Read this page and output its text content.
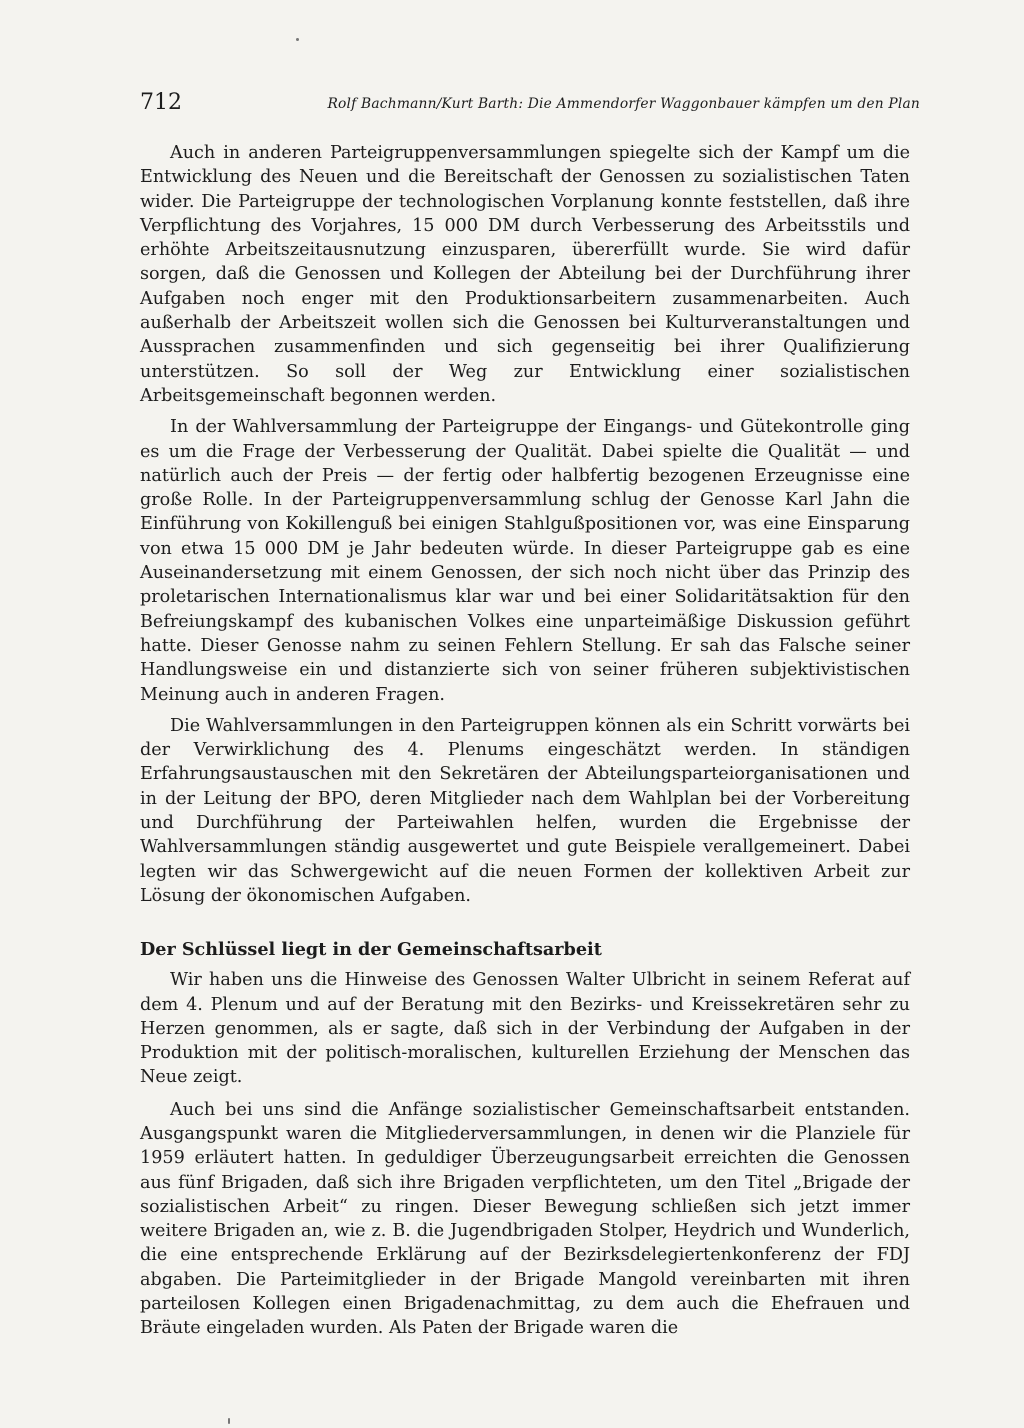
712	Rolf Bachmann/Kurt Barth: Die Ammendorfer Waggonbauer kämpfen um den Plan

Auch in anderen Parteigruppenversammlungen spiegelte sich der Kampf um die Entwicklung des Neuen und die Bereitschaft der Genossen zu sozialistischen Taten wider. Die Parteigruppe der technologischen Vorplanung konnte feststellen, daß ihre Verpflichtung des Vorjahres, 15 000 DM durch Verbesserung des Arbeitsstils und erhöhte Arbeitszeitausnutzung einzusparen, übererfüllt wurde. Sie wird dafür sorgen, daß die Genossen und Kollegen der Abteilung bei der Durchführung ihrer Aufgaben noch enger mit den Produktionsarbeitern zusammenarbeiten. Auch außerhalb der Arbeitszeit wollen sich die Genossen bei Kulturveranstaltungen und Aussprachen zusammenfinden und sich gegenseitig bei ihrer Qualifizierung unterstützen. So soll der Weg zur Entwicklung einer sozialistischen Arbeitsgemeinschaft begonnen werden.

In der Wahlversammlung der Parteigruppe der Eingangs- und Gütekontrolle ging es um die Frage der Verbesserung der Qualität. Dabei spielte die Qualität — und natürlich auch der Preis — der fertig oder halbfertig bezogenen Erzeugnisse eine große Rolle. In der Parteigruppenversammlung schlug der Genosse Karl Jahn die Einführung von Kokillenguß bei einigen Stahlgußpositionen vor, was eine Einsparung von etwa 15 000 DM je Jahr bedeuten würde. In dieser Parteigruppe gab es eine Auseinandersetzung mit einem Genossen, der sich noch nicht über das Prinzip des proletarischen Internationalismus klar war und bei einer Solidaritätsaktion für den Befreiungskampf des kubanischen Volkes eine unparteimäßige Diskussion geführt hatte. Dieser Genosse nahm zu seinen Fehlern Stellung. Er sah das Falsche seiner Handlungsweise ein und distanzierte sich von seiner früheren subjektivistischen Meinung auch in anderen Fragen.

Die Wahlversammlungen in den Parteigruppen können als ein Schritt vorwärts bei der Verwirklichung des 4. Plenums eingeschätzt werden. In ständigen Erfahrungsaustauschen mit den Sekretären der Abteilungsparteiorganisationen und in der Leitung der BPO, deren Mitglieder nach dem Wahlplan bei der Vorbereitung und Durchführung der Parteiwahlen helfen, wurden die Ergebnisse der Wahlversammlungen ständig ausgewertet und gute Beispiele verallgemeinert. Dabei legten wir das Schwergewicht auf die neuen Formen der kollektiven Arbeit zur Lösung der ökonomischen Aufgaben.

Der Schlüssel liegt in der Gemeinschaftsarbeit

Wir haben uns die Hinweise des Genossen Walter Ulbricht in seinem Referat auf dem 4. Plenum und auf der Beratung mit den Bezirks- und Kreissekretären sehr zu Herzen genommen, als er sagte, daß sich in der Verbindung der Aufgaben in der Produktion mit der politisch-moralischen, kulturellen Erziehung der Menschen das Neue zeigt.

Auch bei uns sind die Anfänge sozialistischer Gemeinschaftsarbeit entstanden. Ausgangspunkt waren die Mitgliederversammlungen, in denen wir die Planziele für 1959 erläutert hatten. In geduldiger Überzeugungsarbeit erreichten die Genossen aus fünf Brigaden, daß sich ihre Brigaden verpflichteten, um den Titel „Brigade der sozialistischen Arbeit“ zu ringen. Dieser Bewegung schließen sich jetzt immer weitere Brigaden an, wie z. B. die Jugendbrigaden Stolper, Heydrich und Wunderlich, die eine entsprechende Erklärung auf der Bezirksdelegiertenkonferenz der FDJ abgaben. Die Parteimitglieder in der Brigade Mangold vereinbarten mit ihren parteilosen Kollegen einen Brigadenachmittag, zu dem auch die Ehefrauen und Bräute eingeladen wurden. Als Paten der Brigade waren die
